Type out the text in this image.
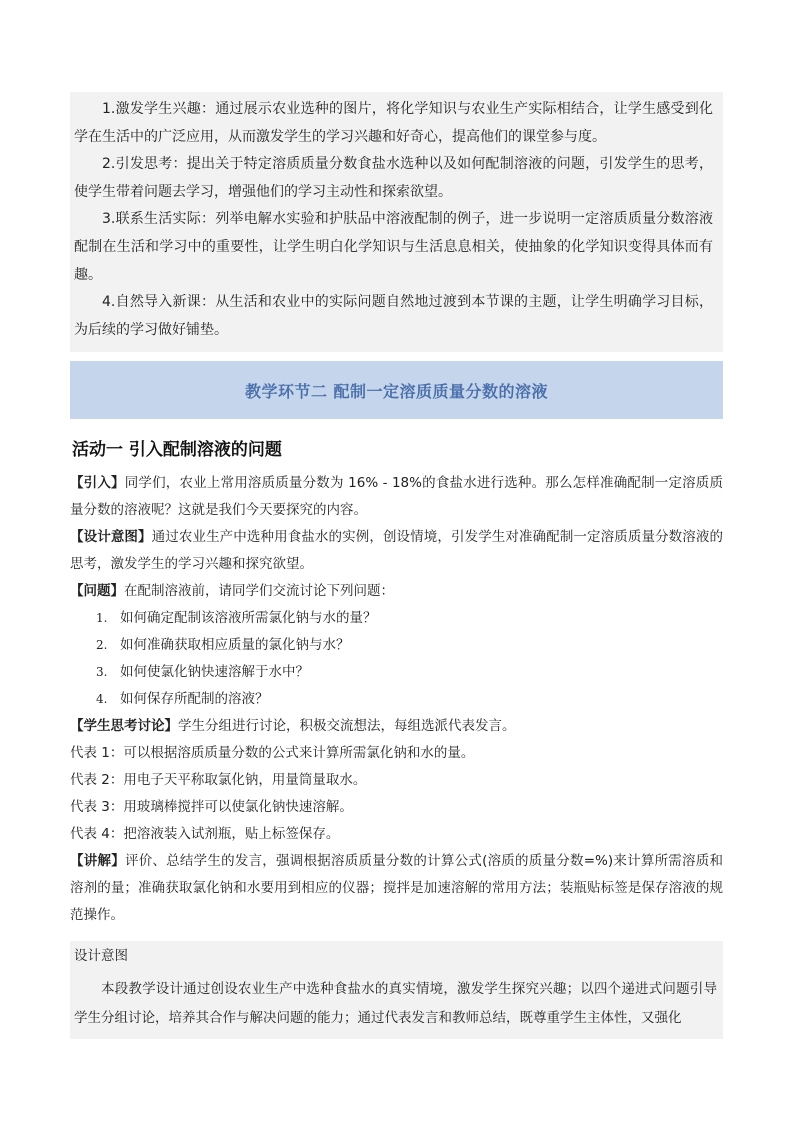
1.激发学生兴趣：通过展示农业选种的图片，将化学知识与农业生产实际相结合，让学生感受到化学在生活中的广泛应用，从而激发学生的学习兴趣和好奇心，提高他们的课堂参与度。

2.引发思考：提出关于特定溶质质量分数食盐水选种以及如何配制溶液的问题，引发学生的思考，使学生带着问题去学习，增强他们的学习主动性和探索欲望。

3.联系生活实际：列举电解水实验和护肤品中溶液配制的例子，进一步说明一定溶质质量分数溶液配制在生活和学习中的重要性，让学生明白化学知识与生活息息相关，使抽象的化学知识变得具体而有趣。

4.自然导入新课：从生活和农业中的实际问题自然地过渡到本节课的主题，让学生明确学习目标，为后续的学习做好铺垫。

教学环节二 配制一定溶质质量分数的溶液
活动一 引入配制溶液的问题

【引入】同学们，农业上常用溶质质量分数为 16% - 18%的食盐水进行选种。那么怎样准确配制一定溶质质量分数的溶液呢？这就是我们今天要探究的内容。

【设计意图】通过农业生产中选种用食盐水的实例，创设情境，引发学生对准确配制一定溶质质量分数溶液的思考，激发学生的学习兴趣和探究欲望。

【问题】在配制溶液前，请同学们交流讨论下列问题：

1. 如何确定配制该溶液所需氯化钠与水的量？
2. 如何准确获取相应质量的氯化钠与水？
3. 如何使氯化钠快速溶解于水中？
4. 如何保存所配制的溶液？

【学生思考讨论】学生分组进行讨论，积极交流想法，每组选派代表发言。

代表 1：可以根据溶质质量分数的公式来计算所需氯化钠和水的量。

代表 2：用电子天平称取氯化钠，用量筒量取水。

代表 3：用玻璃棒搅拌可以使氯化钠快速溶解。

代表 4：把溶液装入试剂瓶，贴上标签保存。

【讲解】评价、总结学生的发言，强调根据溶质质量分数的计算公式(溶质的质量分数=%)来计算所需溶质和溶剂的量；准确获取氯化钠和水要用到相应的仪器；搅拌是加速溶解的常用方法；装瓶贴标签是保存溶液的规范操作。

设计意图

本段教学设计通过创设农业生产中选种食盐水的真实情境，激发学生探究兴趣；以四个递进式问题引导学生分组讨论，培养其合作与解决问题的能力；通过代表发言和教师总结，既尊重学生主体性，又强化
